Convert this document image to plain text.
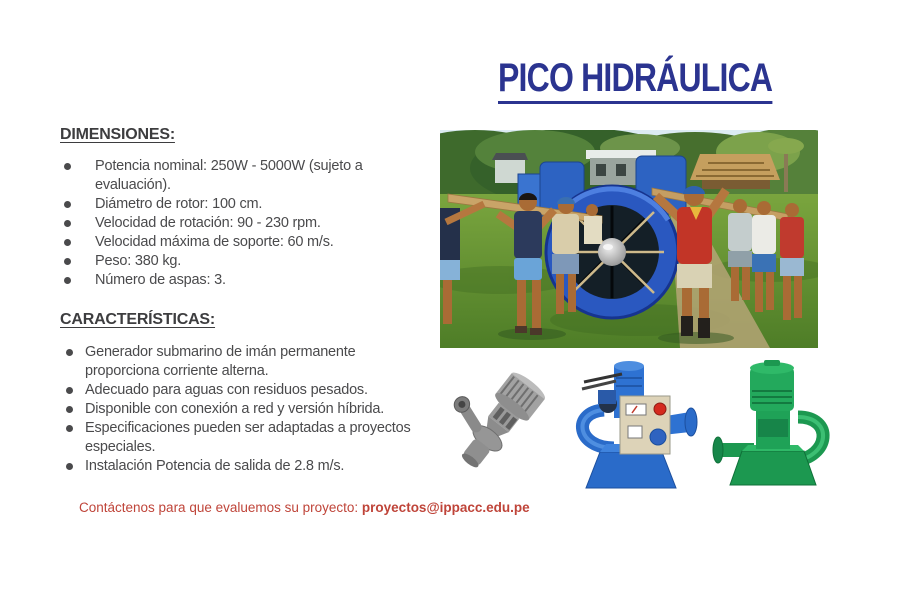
PICO HIDRÁULICA
DIMENSIONES:
Potencia nominal: 250W - 5000W (sujeto a evaluación).
Diámetro de rotor: 100 cm.
Velocidad de rotación: 90 - 230 rpm.
Velocidad máxima de soporte: 60 m/s.
Peso: 380 kg.
Número de aspas: 3.
CARACTERÍSTICAS:
Generador submarino de imán permanente proporciona corriente alterna.
Adecuado para aguas con residuos pesados.
Disponible con conexión a red y versión híbrida.
Especificaciones pueden ser adaptadas a proyectos especiales.
Instalación Potencia de salida de 2.8 m/s.
Contáctenos para que evaluemos su proyecto: proyectos@ippacc.edu.pe
